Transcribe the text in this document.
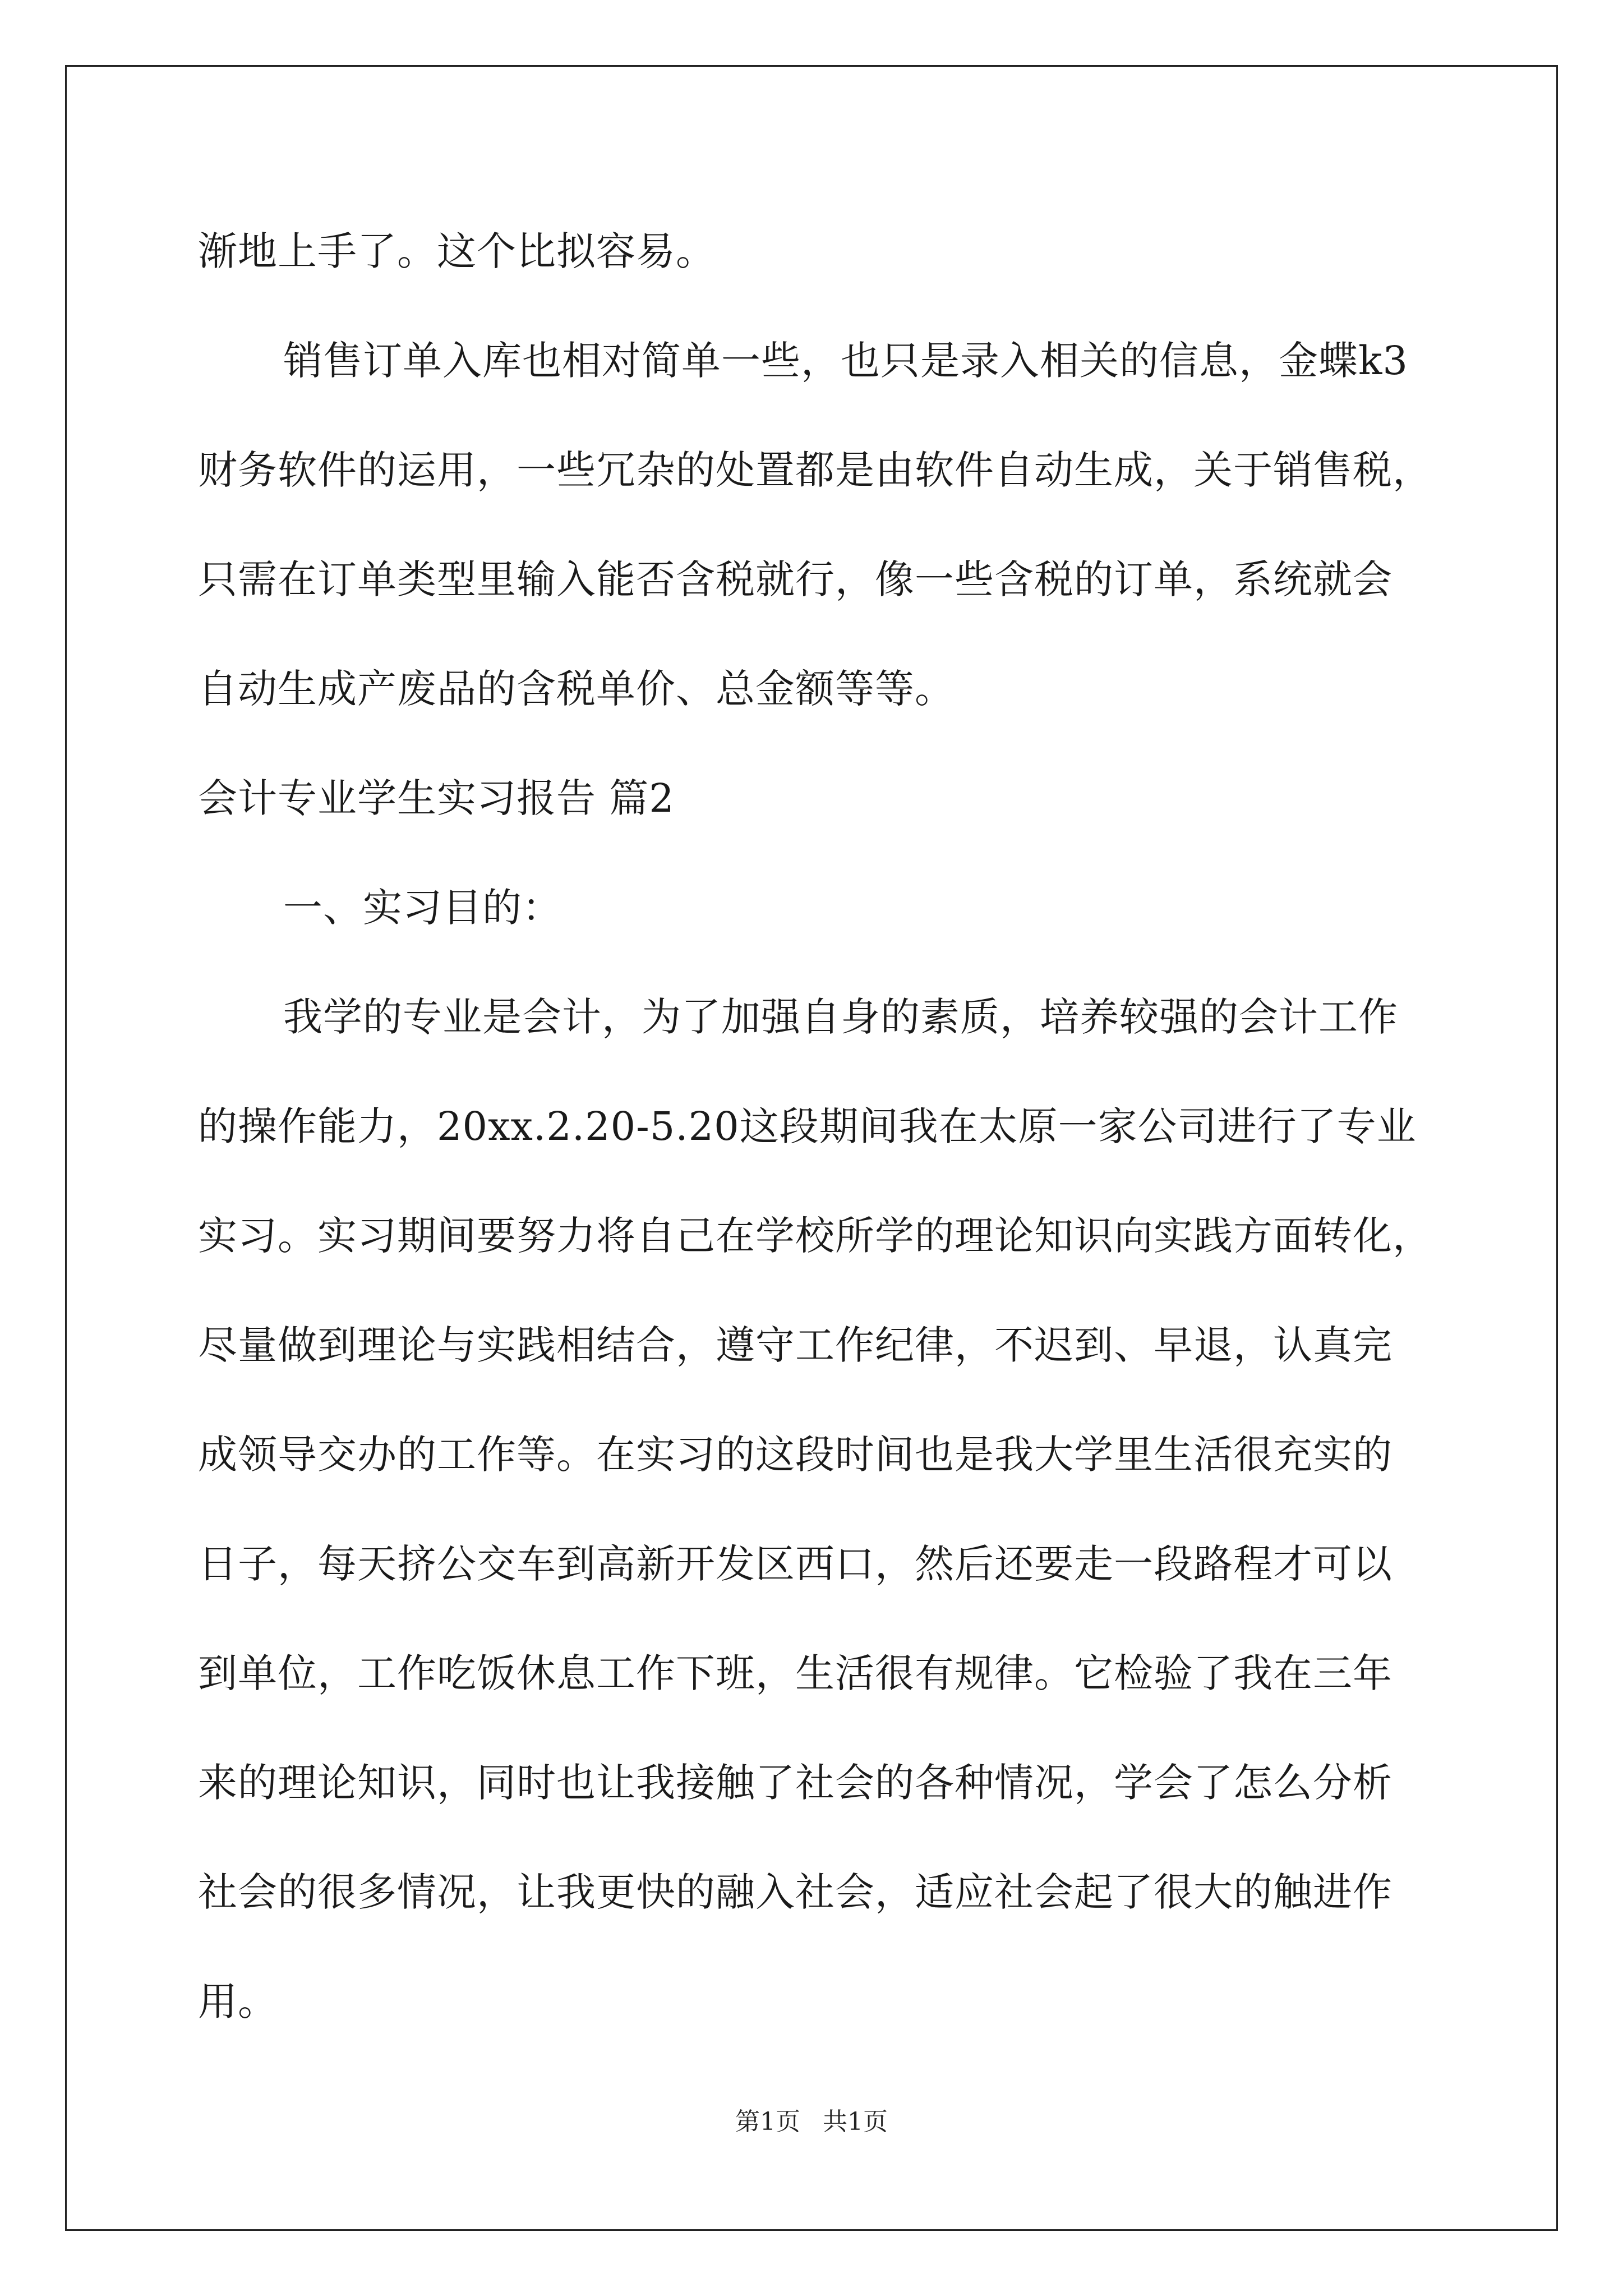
渐地上手了。这个比拟容易。
销售订单入库也相对简单一些，也只是录入相关的信息，金蝶k3
财务软件的运用，一些冗杂的处置都是由软件自动生成，关于销售税，
只需在订单类型里输入能否含税就行，像一些含税的订单，系统就会
自动生成产废品的含税单价、总金额等等。
会计专业学生实习报告 篇2
一、实习目的：
我学的专业是会计，为了加强自身的素质，培养较强的会计工作
的操作能力，20xx.2.20-5.20这段期间我在太原一家公司进行了专业
实习。实习期间要努力将自己在学校所学的理论知识向实践方面转化，
尽量做到理论与实践相结合，遵守工作纪律，不迟到、早退，认真完
成领导交办的工作等。在实习的这段时间也是我大学里生活很充实的
日子，每天挤公交车到高新开发区西口，然后还要走一段路程才可以
到单位，工作吃饭休息工作下班，生活很有规律。它检验了我在三年
来的理论知识，同时也让我接触了社会的各种情况，学会了怎么分析
社会的很多情况，让我更快的融入社会，适应社会起了很大的触进作
用。
第1页 共1页
